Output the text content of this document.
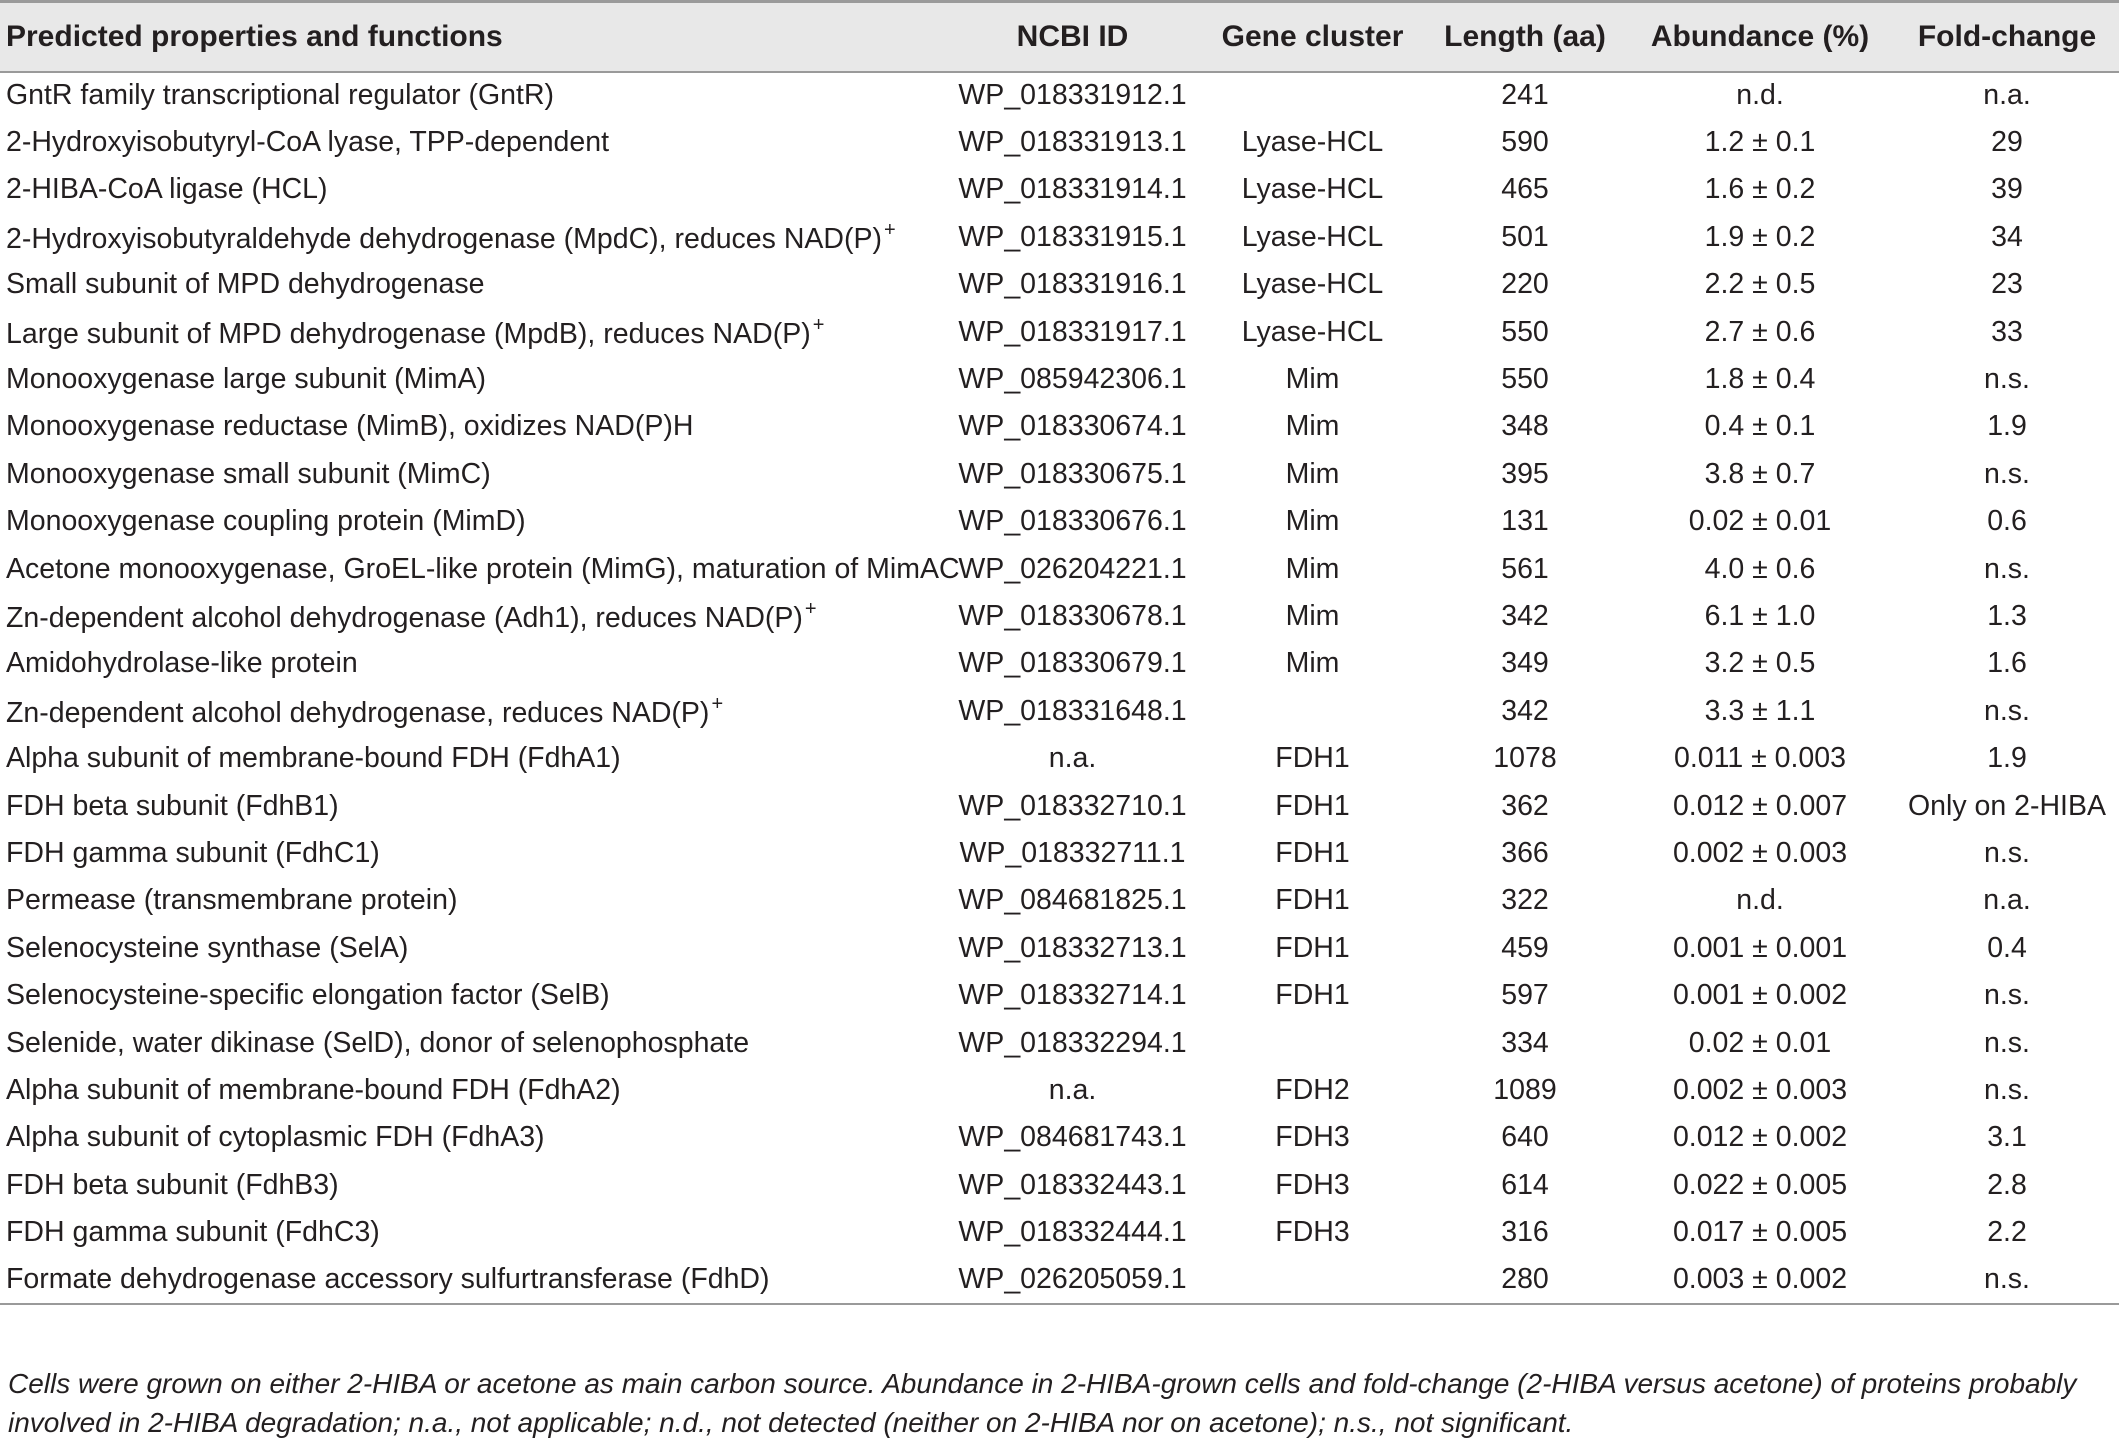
Predicted properties and functions	NCBI ID	Gene cluster	Length (aa)	Abundance (%)	Fold-change
GntR family transcriptional regulator (GntR)	WP_018331912.1		241	n.d.	n.a.
2-Hydroxyisobutyryl-CoA lyase, TPP-dependent	WP_018331913.1	Lyase-HCL	590	1.2 ± 0.1	29
2-HIBA-CoA ligase (HCL)	WP_018331914.1	Lyase-HCL	465	1.6 ± 0.2	39
2-Hydroxyisobutyraldehyde dehydrogenase (MpdC), reduces NAD(P) +	WP_018331915.1	Lyase-HCL	501	1.9 ± 0.2	34
Small subunit of MPD dehydrogenase	WP_018331916.1	Lyase-HCL	220	2.2 ± 0.5	23
Large subunit of MPD dehydrogenase (MpdB), reduces NAD(P) +	WP_018331917.1	Lyase-HCL	550	2.7 ± 0.6	33
Monooxygenase large subunit (MimA)	WP_085942306.1	Mim	550	1.8 ± 0.4	n.s.
Monooxygenase reductase (MimB), oxidizes NAD(P)H	WP_018330674.1	Mim	348	0.4 ± 0.1	1.9
Monooxygenase small subunit (MimC)	WP_018330675.1	Mim	395	3.8 ± 0.7	n.s.
Monooxygenase coupling protein (MimD)	WP_018330676.1	Mim	131	0.02 ± 0.01	0.6
Acetone monooxygenase, GroEL-like protein (MimG), maturation of MimAC	WP_026204221.1	Mim	561	4.0 ± 0.6	n.s.
Zn-dependent alcohol dehydrogenase (Adh1), reduces NAD(P) +	WP_018330678.1	Mim	342	6.1 ± 1.0	1.3
Amidohydrolase-like protein	WP_018330679.1	Mim	349	3.2 ± 0.5	1.6
Zn-dependent alcohol dehydrogenase, reduces NAD(P) +	WP_018331648.1		342	3.3 ± 1.1	n.s.
Alpha subunit of membrane-bound FDH (FdhA1)	n.a.	FDH1	1078	0.011 ± 0.003	1.9
FDH beta subunit (FdhB1)	WP_018332710.1	FDH1	362	0.012 ± 0.007	Only on 2-HIBA
FDH gamma subunit (FdhC1)	WP_018332711.1	FDH1	366	0.002 ± 0.003	n.s.
Permease (transmembrane protein)	WP_084681825.1	FDH1	322	n.d.	n.a.
Selenocysteine synthase (SelA)	WP_018332713.1	FDH1	459	0.001 ± 0.001	0.4
Selenocysteine-specific elongation factor (SelB)	WP_018332714.1	FDH1	597	0.001 ± 0.002	n.s.
Selenide, water dikinase (SelD), donor of selenophosphate	WP_018332294.1		334	0.02 ± 0.01	n.s.
Alpha subunit of membrane-bound FDH (FdhA2)	n.a.	FDH2	1089	0.002 ± 0.003	n.s.
Alpha subunit of cytoplasmic FDH (FdhA3)	WP_084681743.1	FDH3	640	0.012 ± 0.002	3.1
FDH beta subunit (FdhB3)	WP_018332443.1	FDH3	614	0.022 ± 0.005	2.8
FDH gamma subunit (FdhC3)	WP_018332444.1	FDH3	316	0.017 ± 0.005	2.2
Formate dehydrogenase accessory sulfurtransferase (FdhD)	WP_026205059.1		280	0.003 ± 0.002	n.s.

Cells were grown on either 2-HIBA or acetone as main carbon source. Abundance in 2-HIBA-grown cells and fold-change (2-HIBA versus acetone) of proteins probably involved in 2-HIBA degradation; n.a., not applicable; n.d., not detected (neither on 2-HIBA nor on acetone); n.s., not significant.
